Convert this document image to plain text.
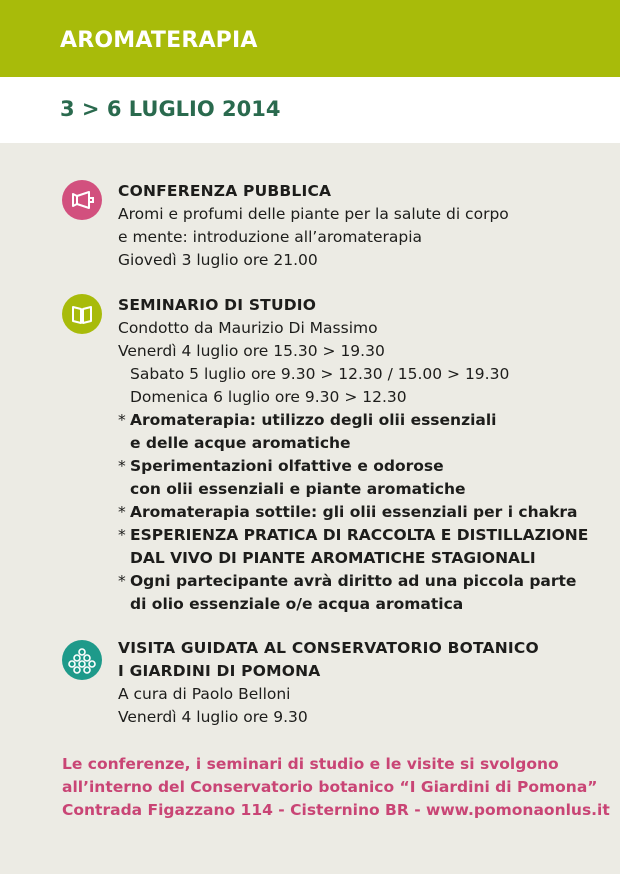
AROMATERAPIA
3 > 6 LUGLIO 2014
CONFERENZA PUBBLICA
Aromi e profumi delle piante per la salute di corpo
e mente: introduzione all’aromaterapia
Giovedì 3 luglio ore 21.00
SEMINARIO DI STUDIO
Condotto da Maurizio Di Massimo
Venerdì 4 luglio ore 15.30 > 19.30
Sabato 5 luglio ore 9.30 > 12.30 / 15.00 > 19.30
Domenica 6 luglio ore 9.30 > 12.30
* Aromaterapia: utilizzo degli olii essenziali
e delle acque aromatiche
* Sperimentazioni olfattive e odorose
con olii essenziali e piante aromatiche
* Aromaterapia sottile: gli olii essenziali per i chakra
* ESPERIENZA PRATICA DI RACCOLTA E DISTILLAZIONE
DAL VIVO DI PIANTE AROMATICHE STAGIONALI
* Ogni partecipante avrà diritto ad una piccola parte
di olio essenziale o/e acqua aromatica
VISITA GUIDATA AL CONSERVATORIO BOTANICO
I GIARDINI DI POMONA
A cura di Paolo Belloni
Venerdì 4 luglio ore 9.30
Le conferenze, i seminari di studio e le visite si svolgono
all’interno del Conservatorio botanico “I Giardini di Pomona”
Contrada Figazzano 114 - Cisternino BR - www.pomonaonlus.it
